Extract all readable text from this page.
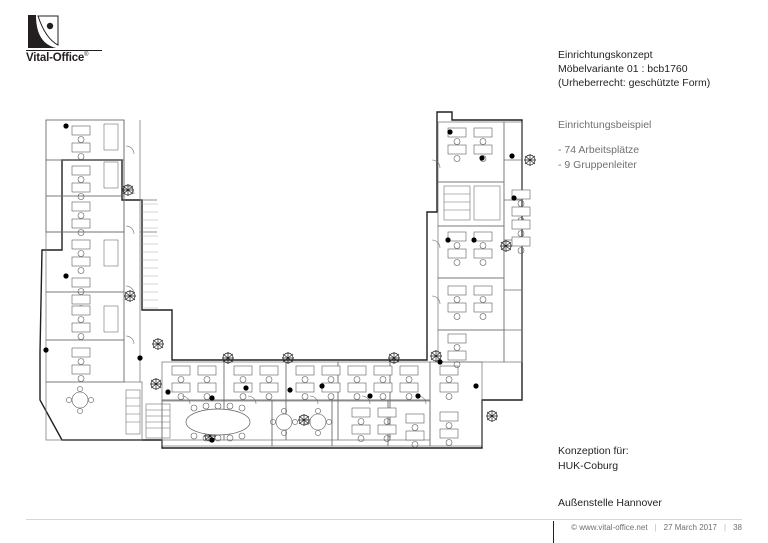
Vital-Office®	Einrichtungskonzept
Möbelvariante 01 : bcb1760
(Urheberrecht: geschützte Form)
Einrichtungsbeispiel
- 74 Arbeitsplätze
- 9 Gruppenleiter
Konzeption für:
HUK-Coburg
Außenstelle Hannover
© www.vital-office.net | 27 March 2017 | 38
